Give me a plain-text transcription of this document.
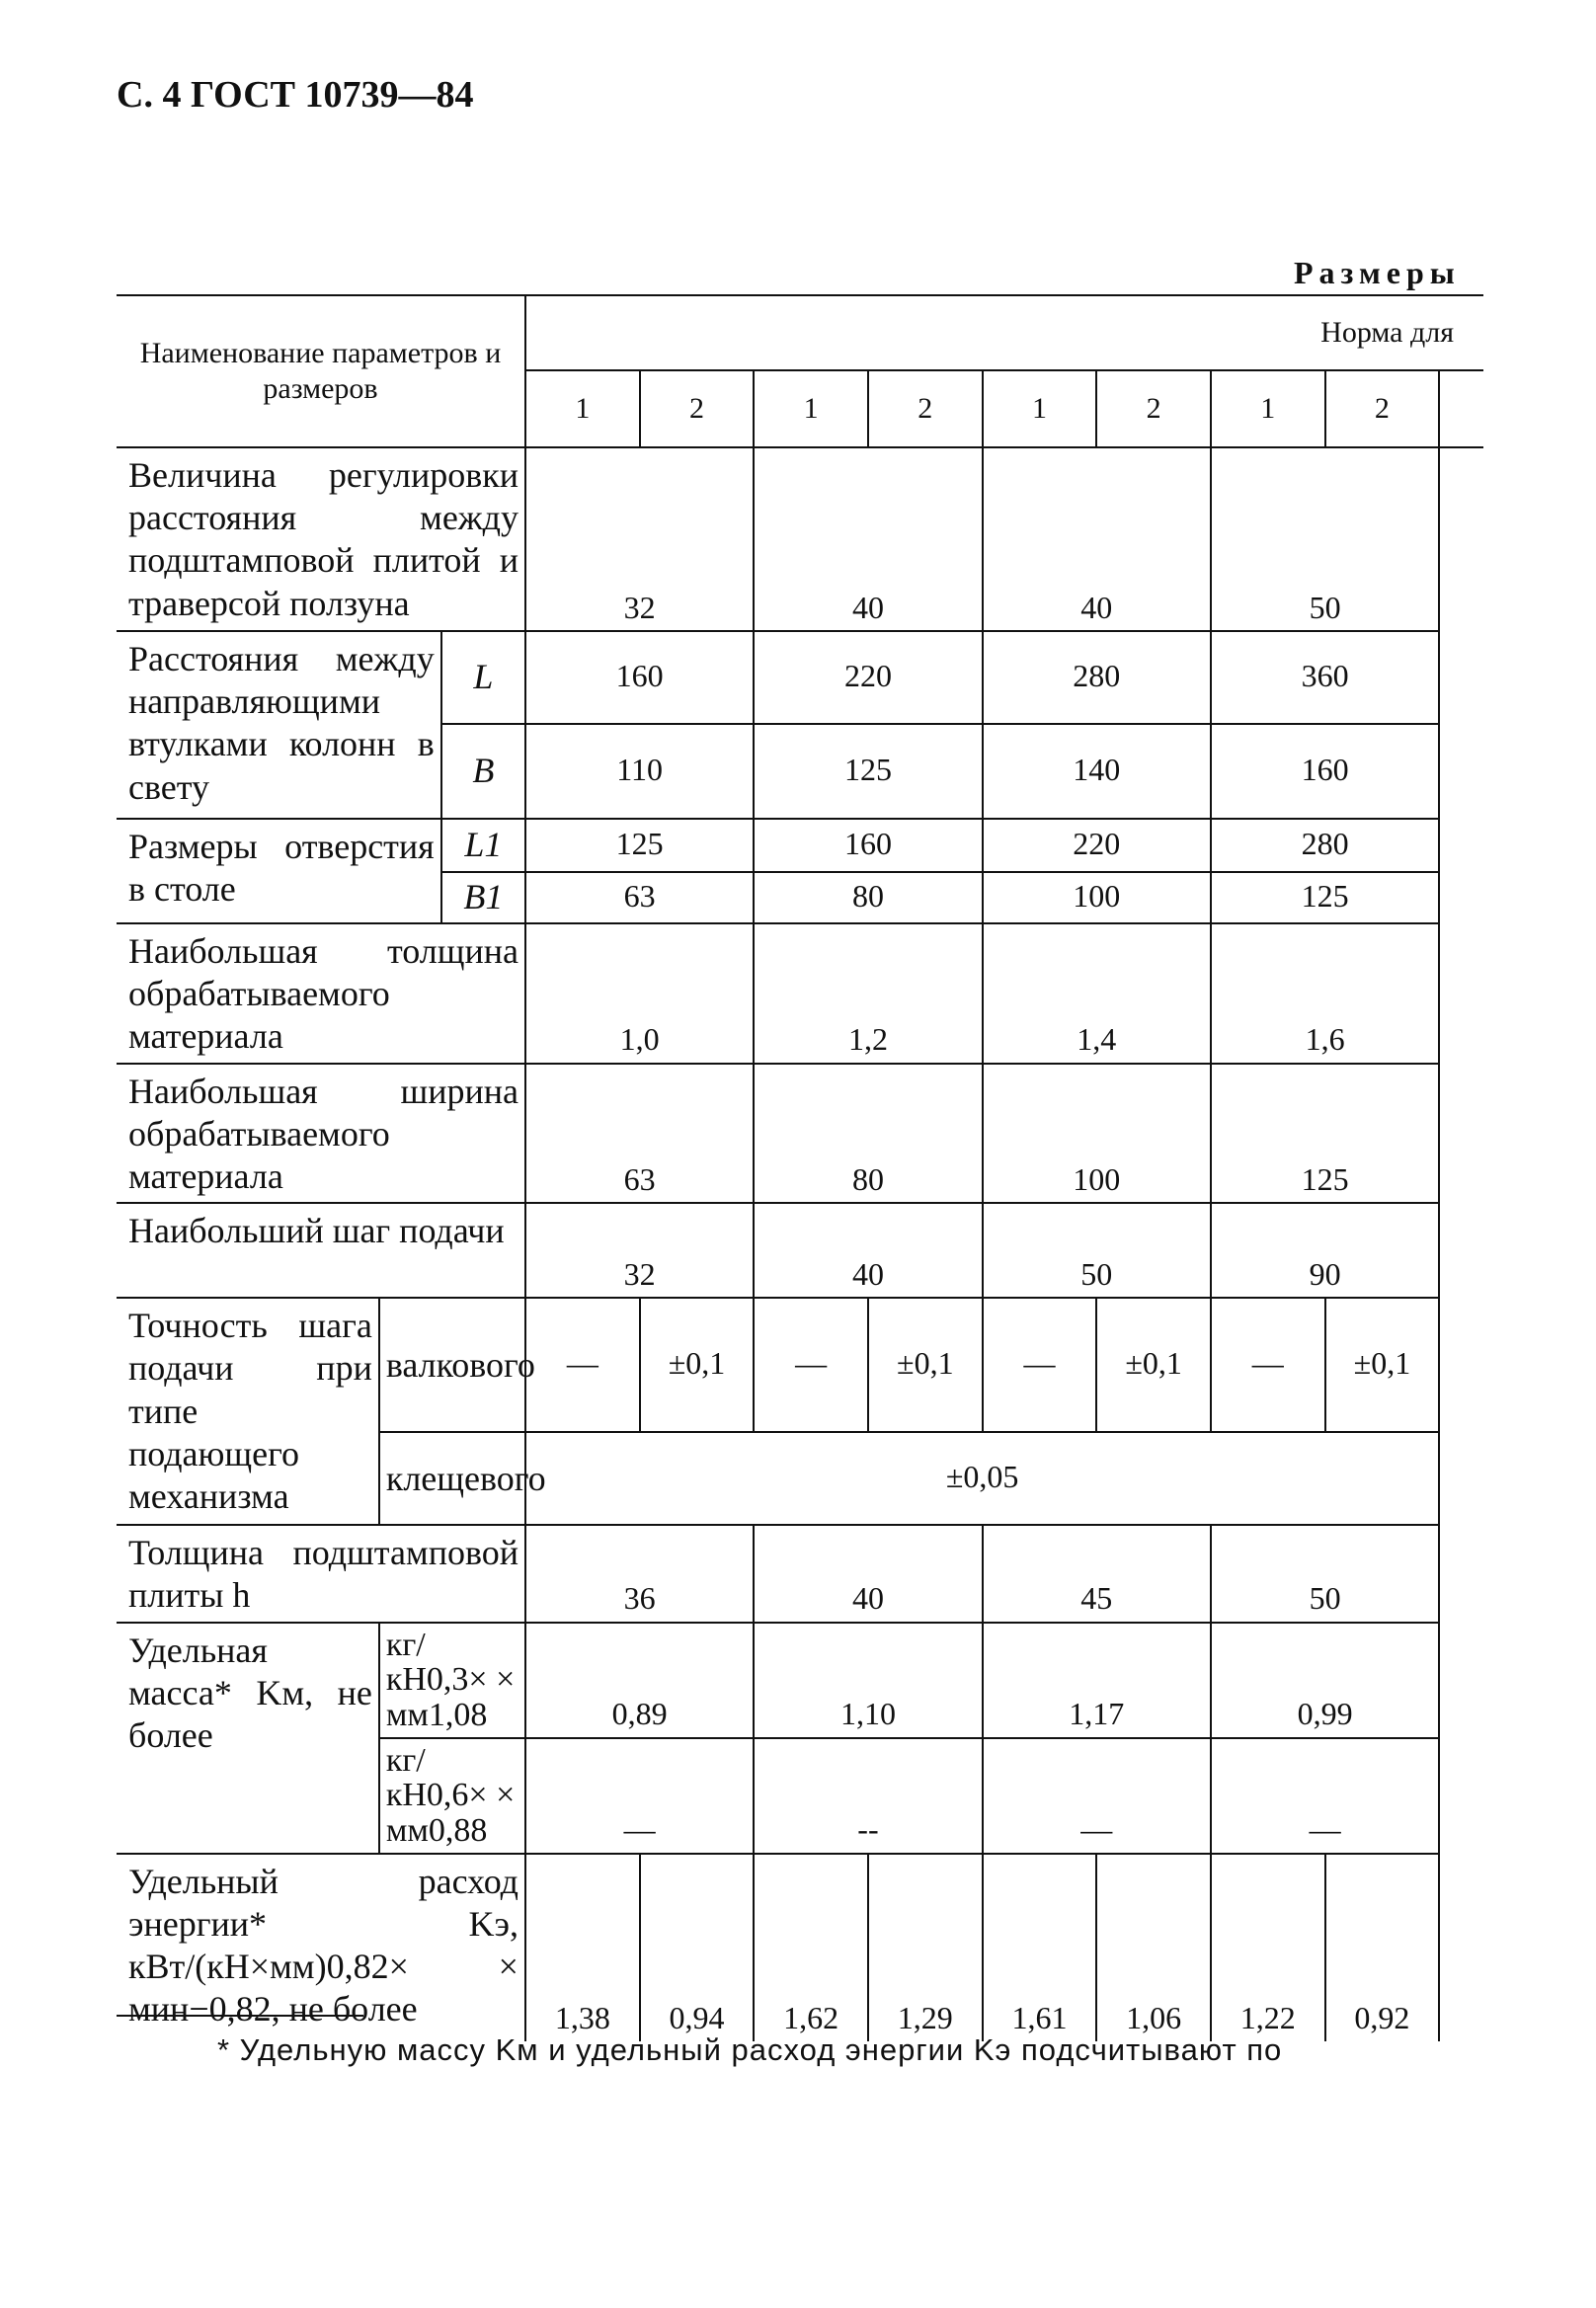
С. 4 ГОСТ 10739—84
Размеры
Наименование параметров и размеров			Норма для								
			1	2	1	2	1	2	1	2	
Величина регулировки расстояния между подштамповой плитой и траверсой ползуна			32		40		40		50		
Расстояния между направляющими втулками колонн в свету		L	160		220		280		360		
		B	110		125		140		160		
Размеры отверстия в столе		L1	125		160		220		280		
		B1	63		80		100		125		
Наибольшая толщина обрабатываемого материала			1,0		1,2		1,4		1,6		
Наибольшая ширина обрабатываемого материала			63		80		100		125		
Наибольший шаг подачи			32		40		50		90		
Точность шага подачи при типе подающего механизма	валкового		—	±0,1	—	±0,1	—	±0,1	—	±0,1	
	клещевого		±0,05								
Толщина подштамповой плиты h			36		40		45		50		
Удельная масса* Kм, не более	кг/кН0,3× × мм1,08		0,89		1,10		1,17		0,99		
	кг/кН0,6× × мм0,88		—		--		—		—		
Удельный расход энергии* Kэ, кВт/(кН×мм)0,82× × мин−0,82, не более			1,38	0,94	1,62	1,29	1,61	1,06	1,22	0,92	
* Удельную массу Kм и удельный расход энергии Kэ подсчитывают по
